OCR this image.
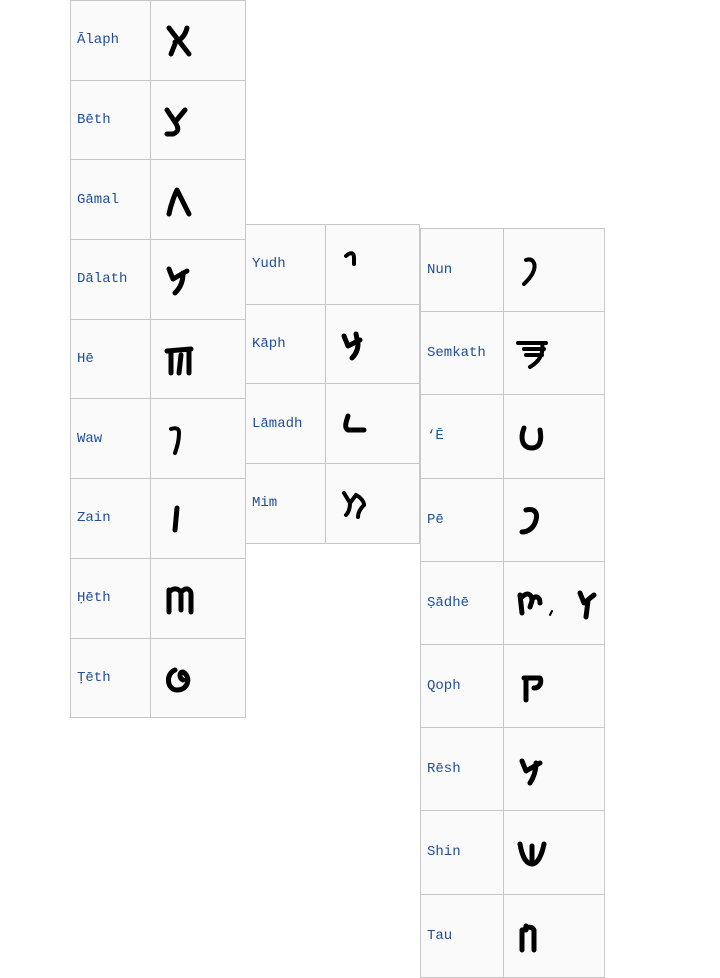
Ālaph	

Bēth	

Gāmal	

Dālath	

Hē	

Waw	

Zain	

Ḥēth	

Ṭēth	
Yudh	

Kāph	

Lāmadh	

Mim	
Nun	

Semkath	

‘Ē	

Pē	

Ṣādhē	

Qoph	

Rēsh	

Shin	

Tau	
